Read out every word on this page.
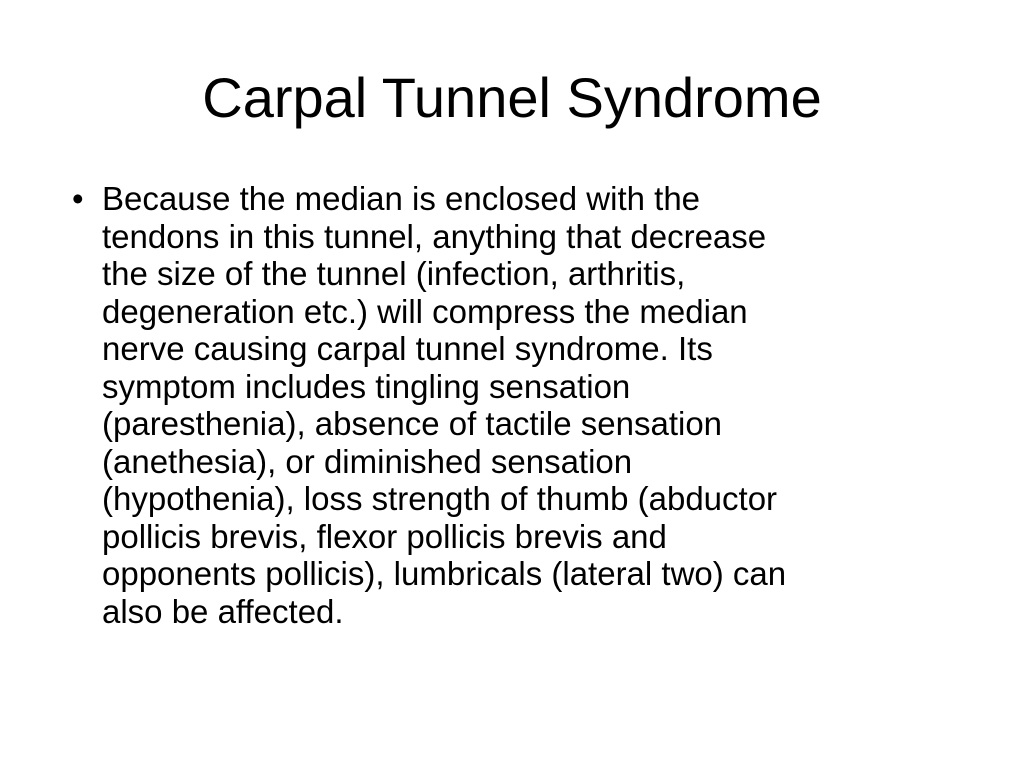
Carpal Tunnel Syndrome
• Because the median is enclosed with the
tendons in this tunnel, anything that decrease
the size of the tunnel (infection, arthritis,
degeneration etc.) will compress the median
nerve causing carpal tunnel syndrome. Its
symptom includes tingling sensation
(paresthenia), absence of tactile sensation
(anethesia), or diminished sensation
(hypothenia), loss strength of thumb (abductor
pollicis brevis, flexor pollicis brevis and
opponents pollicis), lumbricals (lateral two) can
also be affected.
